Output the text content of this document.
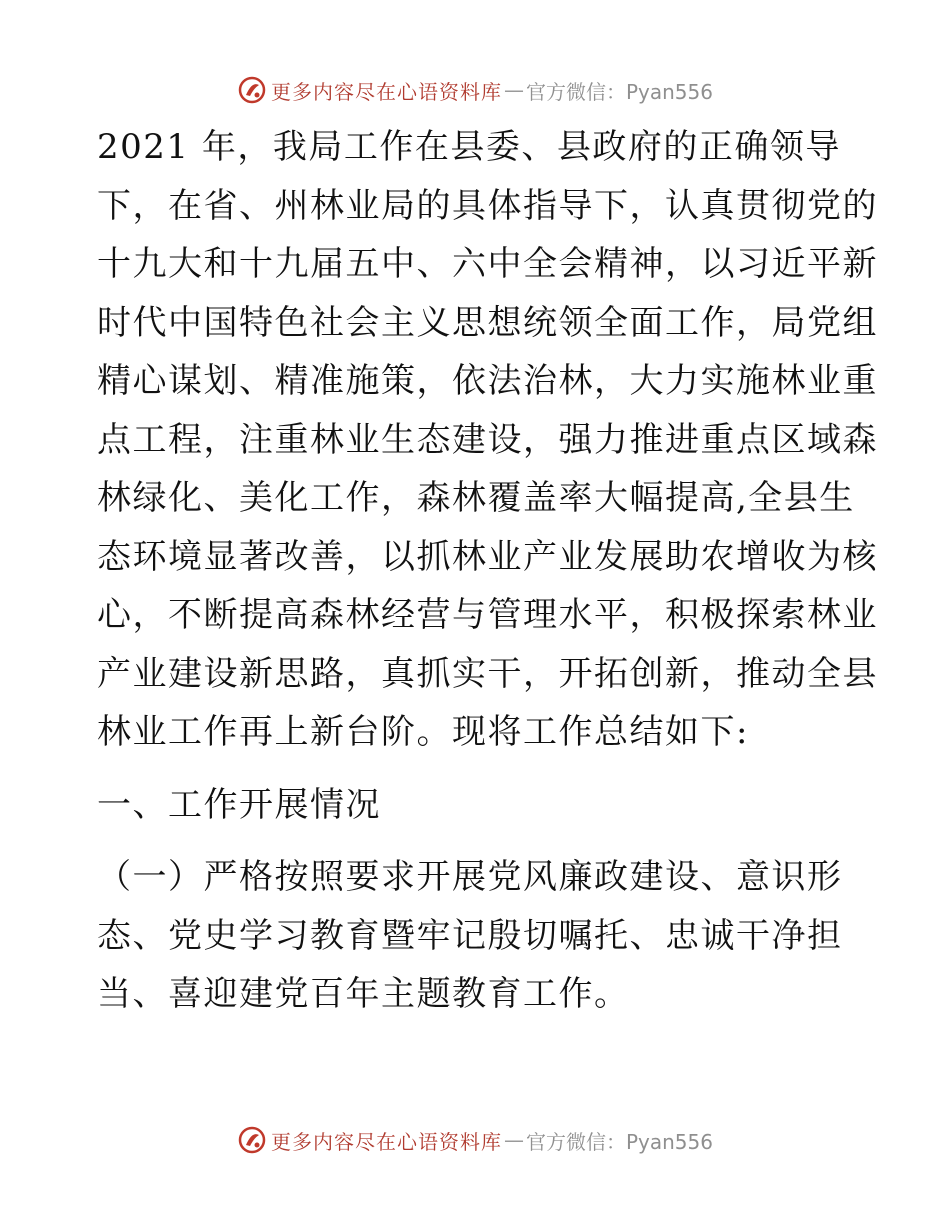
更多内容尽在心语资料库 — 官方微信：Pyan556
2021 年，我局工作在县委、县政府的正确领导
下，在省、州林业局的具体指导下，认真贯彻党的
十九大和十九届五中、六中全会精神，以习近平新
时代中国特色社会主义思想统领全面工作，局党组
精心谋划、精准施策，依法治林，大力实施林业重
点工程，注重林业生态建设，强力推进重点区域森
林绿化、美化工作，森林覆盖率大幅提高,全县生
态环境显著改善，以抓林业产业发展助农增收为核
心，不断提高森林经营与管理水平，积极探索林业
产业建设新思路，真抓实干，开拓创新，推动全县
林业工作再上新台阶。现将工作总结如下:
一、工作开展情况
（一）严格按照要求开展党风廉政建设、意识形
态、党史学习教育暨牢记殷切嘱托、忠诚干净担
当、喜迎建党百年主题教育工作。
更多内容尽在心语资料库 — 官方微信：Pyan556
